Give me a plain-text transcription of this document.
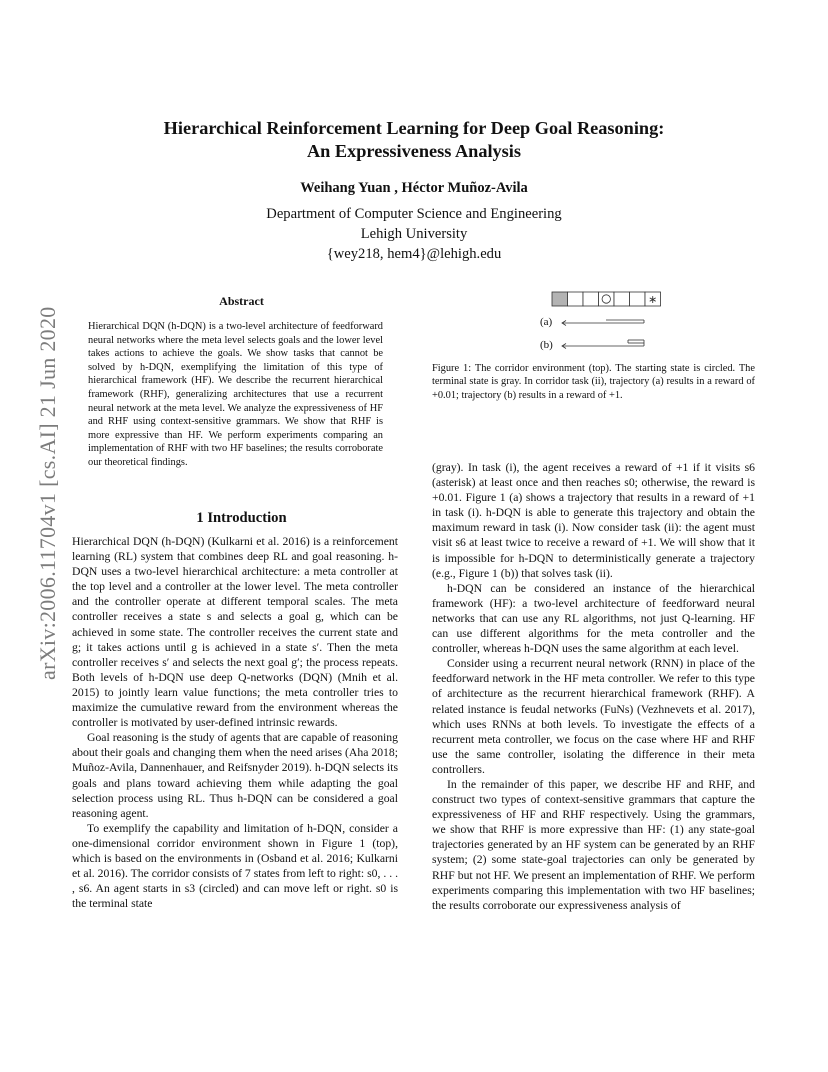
arXiv:2006.11704v1 [cs.AI] 21 Jun 2020
Hierarchical Reinforcement Learning for Deep Goal Reasoning:
An Expressiveness Analysis
Weihang Yuan , Héctor Muñoz-Avila
Department of Computer Science and Engineering
Lehigh University
{wey218, hem4}@lehigh.edu
Abstract
Hierarchical DQN (h-DQN) is a two-level architecture of feedforward neural networks where the meta level selects goals and the lower level takes actions to achieve the goals. We show tasks that cannot be solved by h-DQN, exemplifying the limitation of this type of hierarchical framework (HF). We describe the recurrent hierarchical framework (RHF), generalizing architectures that use a recurrent neural network at the meta level. We analyze the expressiveness of HF and RHF using context-sensitive grammars. We show that RHF is more expressive than HF. We perform experiments comparing an implementation of RHF with two HF baselines; the results corroborate our theoretical findings.
1 Introduction

Hierarchical DQN (h-DQN) (Kulkarni et al. 2016) is a reinforcement learning (RL) system that combines deep RL and goal reasoning. h-DQN uses a two-level hierarchical architecture: a meta controller at the top level and a controller at the lower level. The meta controller and the controller operate at different temporal scales. The meta controller receives a state s and selects a goal g, which can be achieved in some state. The controller receives the current state and g; it takes actions until g is achieved in a state s′. Then the meta controller receives s′ and selects the next goal g′; the process repeats. Both levels of h-DQN use deep Q-networks (DQN) (Mnih et al. 2015) to jointly learn value functions; the meta controller tries to maximize the cumulative reward from the environment whereas the controller is motivated by user-defined intrinsic rewards.

Goal reasoning is the study of agents that are capable of reasoning about their goals and changing them when the need arises (Aha 2018; Muñoz-Avila, Dannenhauer, and Reifsnyder 2019). h-DQN selects its goals and plans toward achieving them while adapting the goal selection process using RL. Thus h-DQN can be considered a goal reasoning agent.

To exemplify the capability and limitation of h-DQN, consider a one-dimensional corridor environment shown in Figure 1 (top), which is based on the environments in (Osband et al. 2016; Kulkarni et al. 2016). The corridor consists of 7 states from left to right: s0, . . . , s6. An agent starts in s3 (circled) and can move left or right. s0 is the terminal state

∗
(a)
(b)
Figure 1: The corridor environment (top). The starting state is circled. The terminal state is gray. In corridor task (ii), trajectory (a) results in a reward of +0.01; trajectory (b) results in a reward of +1.

(gray). In task (i), the agent receives a reward of +1 if it visits s6 (asterisk) at least once and then reaches s0; otherwise, the reward is +0.01. Figure 1 (a) shows a trajectory that results in a reward of +1 in task (i). h-DQN is able to generate this trajectory and obtain the maximum reward in task (i). Now consider task (ii): the agent must visit s6 at least twice to receive a reward of +1. We will show that it is impossible for h-DQN to deterministically generate a trajectory (e.g., Figure 1 (b)) that solves task (ii).

h-DQN can be considered an instance of the hierarchical framework (HF): a two-level architecture of feedforward neural networks that can use any RL algorithms, not just Q-learning. HF can use different algorithms for the meta controller and the controller, whereas h-DQN uses the same algorithm at each level.

Consider using a recurrent neural network (RNN) in place of the feedforward network in the HF meta controller. We refer to this type of architecture as the recurrent hierarchical framework (RHF). A related instance is feudal networks (FuNs) (Vezhnevets et al. 2017), which uses RNNs at both levels. To investigate the effects of a recurrent meta controller, we focus on the case where HF and RHF use the same controller, isolating the difference in their meta controllers.

In the remainder of this paper, we describe HF and RHF, and construct two types of context-sensitive grammars that capture the expressiveness of HF and RHF respectively. Using the grammars, we show that RHF is more expressive than HF: (1) any state-goal trajectories generated by an HF system can be generated by an RHF system; (2) some state-goal trajectories can only be generated by RHF but not HF. We present an implementation of RHF. We perform experiments comparing this implementation with two HF baselines; the results corroborate our expressiveness analysis of
